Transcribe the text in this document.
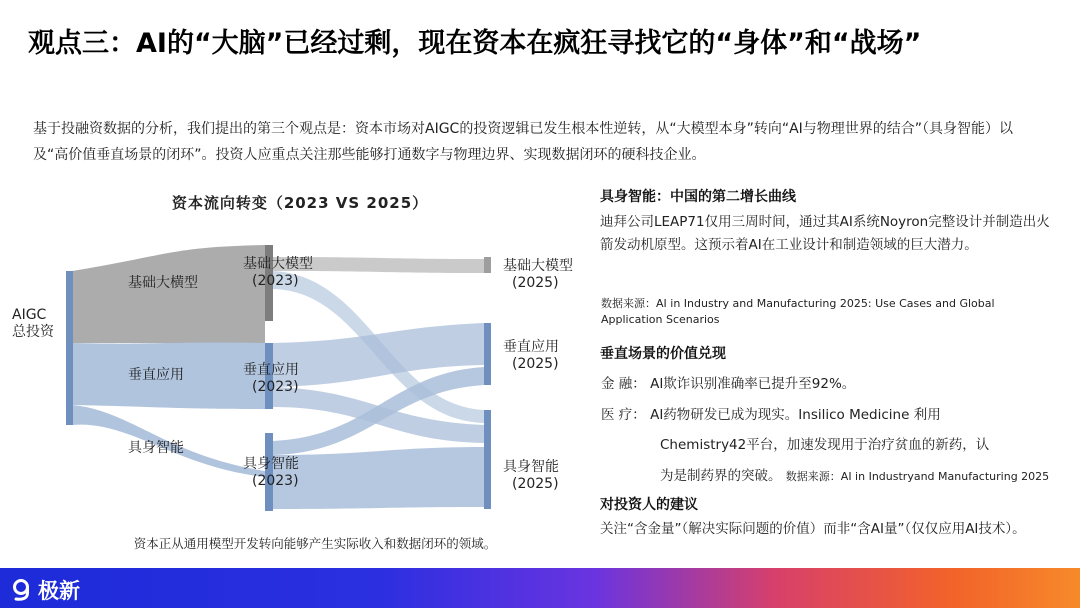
观点三：AI的“大脑”已经过剩，现在资本在疯狂寻找它的“身体”和“战场”

基于投融资数据的分析，我们提出的第三个观点是：资本市场对AIGC的投资逻辑已发生根本性逆转，从“大模型本身”转向“AI与物理世界的结合”（具身智能）以及“高价值垂直场景的闭环”。投资人应重点关注那些能够打通数字与物理边界、实现数据闭环的硬科技企业。

资本流向转变（2023 VS 2025）
AIGC
总投资
基础大横型
垂直应用
具身智能
基础大模型
(2023)
垂直应用
(2023)
具身智能
(2023)
基础大模型
(2025)
垂直应用
(2025)
具身智能
(2025)
资本正从通用模型开发转向能够产生实际收入和数据闭环的领域。
具身智能：中国的第二增长曲线
迪拜公司LEAP71仅用三周时间，通过其AI系统Noyron完整设计并制造出火箭发动机原型。这预示着AI在工业设计和制造领域的巨大潜力。
数据来源：AI in Industry and Manufacturing 2025: Use Cases and Global Application Scenarios
垂直场景的价值兑现
金 融： AI欺诈识别准确率已提升至92%。
医 疗： AI药物研发已成为现实。Insilico Medicine 利用
Chemistry42平台，加速发现用于治疗贫血的新药，认
为是制药界的突破。 数据来源：AI in Industryand Manufacturing 2025
对投资人的建议
关注“含金量”（解决实际问题的价值）而非“含AI量”（仅仅应用AI技术）。
极新
